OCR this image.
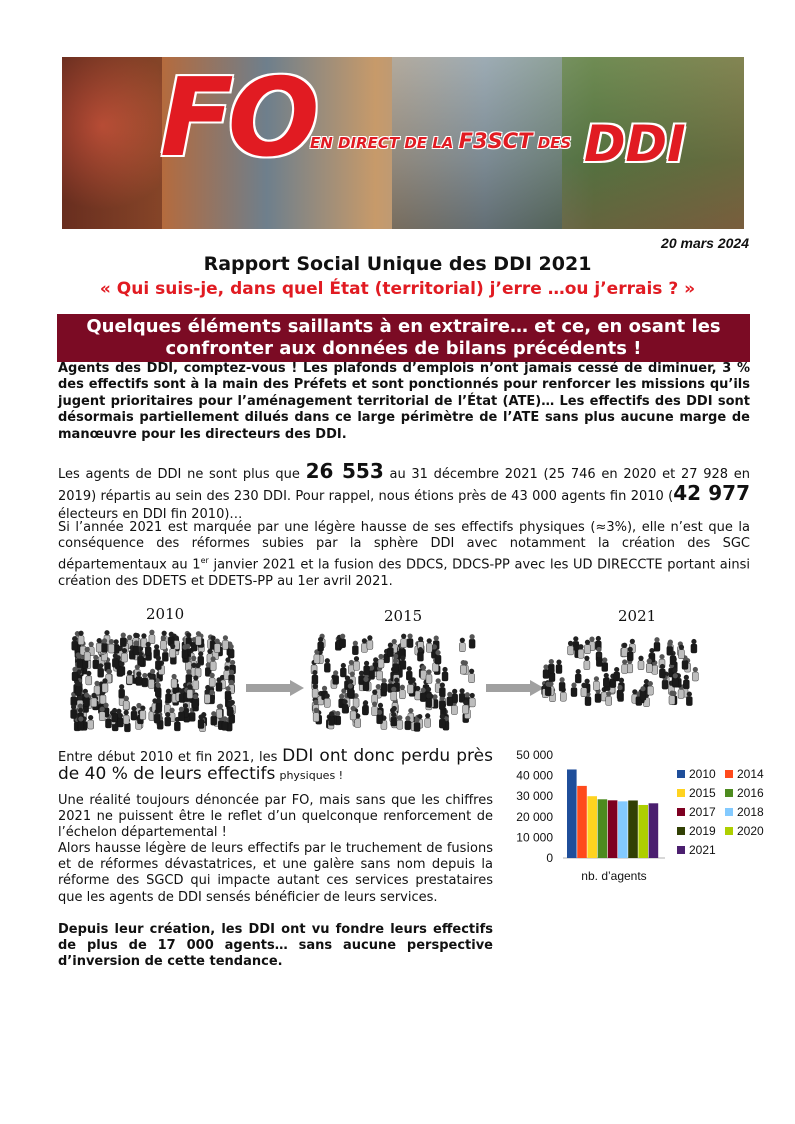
FO
EN DIRECT DE LA F3SCT DES DDI
20 mars 2024
Rapport Social Unique des DDI 2021
« Qui suis-je, dans quel État (territorial) j’erre …ou j’errais ? »
Quelques éléments saillants à en extraire… et ce, en osant les
confronter aux données de bilans précédents !

Agents des DDI, comptez-vous ! Les plafonds d’emplois n’ont jamais cessé de diminuer, 3 % des effectifs sont à la main des Préfets et sont ponctionnés pour renforcer les missions qu’ils jugent prioritaires pour l’aménagement territorial de l’État (ATE)… Les effectifs des DDI sont désormais partiellement dilués dans ce large périmètre de l’ATE sans plus aucune marge de manœuvre pour les directeurs des DDI.

Les agents de DDI ne sont plus que 26 553 au 31 décembre 2021 (25 746 en 2020 et 27 928 en 2019) répartis au sein des 230 DDI. Pour rappel, nous étions près de 43 000 agents fin 2010 (42 977 électeurs en DDI fin 2010)…

Si l’année 2021 est marquée par une légère hausse de ses effectifs physiques (≈3%), elle n’est que la conséquence des réformes subies par la sphère DDI avec notamment la création des SGC départementaux au 1er janvier 2021 et la fusion des DDCS, DDCS-PP avec les UD DIRECCTE portant ainsi création des DDETS et DDETS-PP au 1er avril 2021.

2010	2015	2021
Entre début 2010 et fin 2021, les DDI ont donc perdu près de 40 % de leurs effectifs physiques !

Une réalité toujours dénoncée par FO, mais sans que les chiffres 2021 ne puissent être le reflet d’un quelconque renforcement de l’échelon départemental !

Alors hausse légère de leurs effectifs par le truchement de fusions et de réformes dévastatrices, et une galère sans nom depuis la réforme des SGCD qui impacte autant ces services prestataires que les agents de DDI sensés bénéficier de leurs services.

Depuis leur création, les DDI ont vu fondre leurs effectifs de plus de 17 000 agents… sans aucune perspective d’inversion de cette tendance.

0
10 000
20 000
30 000
40 000
50 000
nb. d’agents
2010 2014
2015 2016
2017 2018
2019 2020
2021
